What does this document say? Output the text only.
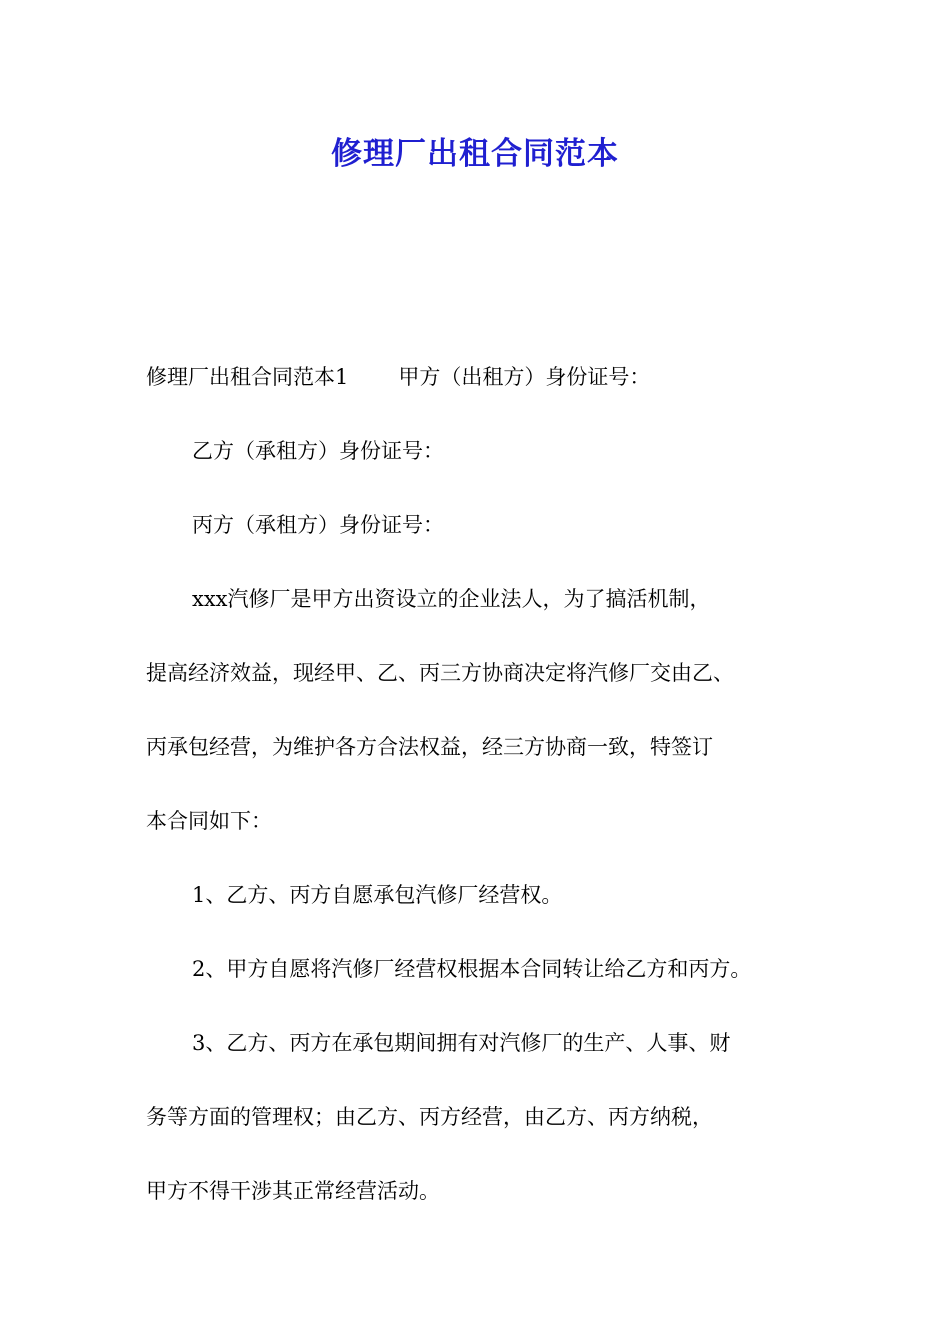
修理厂出租合同范本
修理厂出租合同范本1 甲方（出租方）身份证号：
乙方（承租方）身份证号：
丙方（承租方）身份证号：
xxx汽修厂是甲方出资设立的企业法人，为了搞活机制，
提高经济效益，现经甲、乙、丙三方协商决定将汽修厂交由乙、
丙承包经营，为维护各方合法权益，经三方协商一致，特签订
本合同如下：
1、乙方、丙方自愿承包汽修厂经营权。
2、甲方自愿将汽修厂经营权根据本合同转让给乙方和丙方。
3、乙方、丙方在承包期间拥有对汽修厂的生产、人事、财
务等方面的管理权；由乙方、丙方经营，由乙方、丙方纳税，
甲方不得干涉其正常经营活动。
